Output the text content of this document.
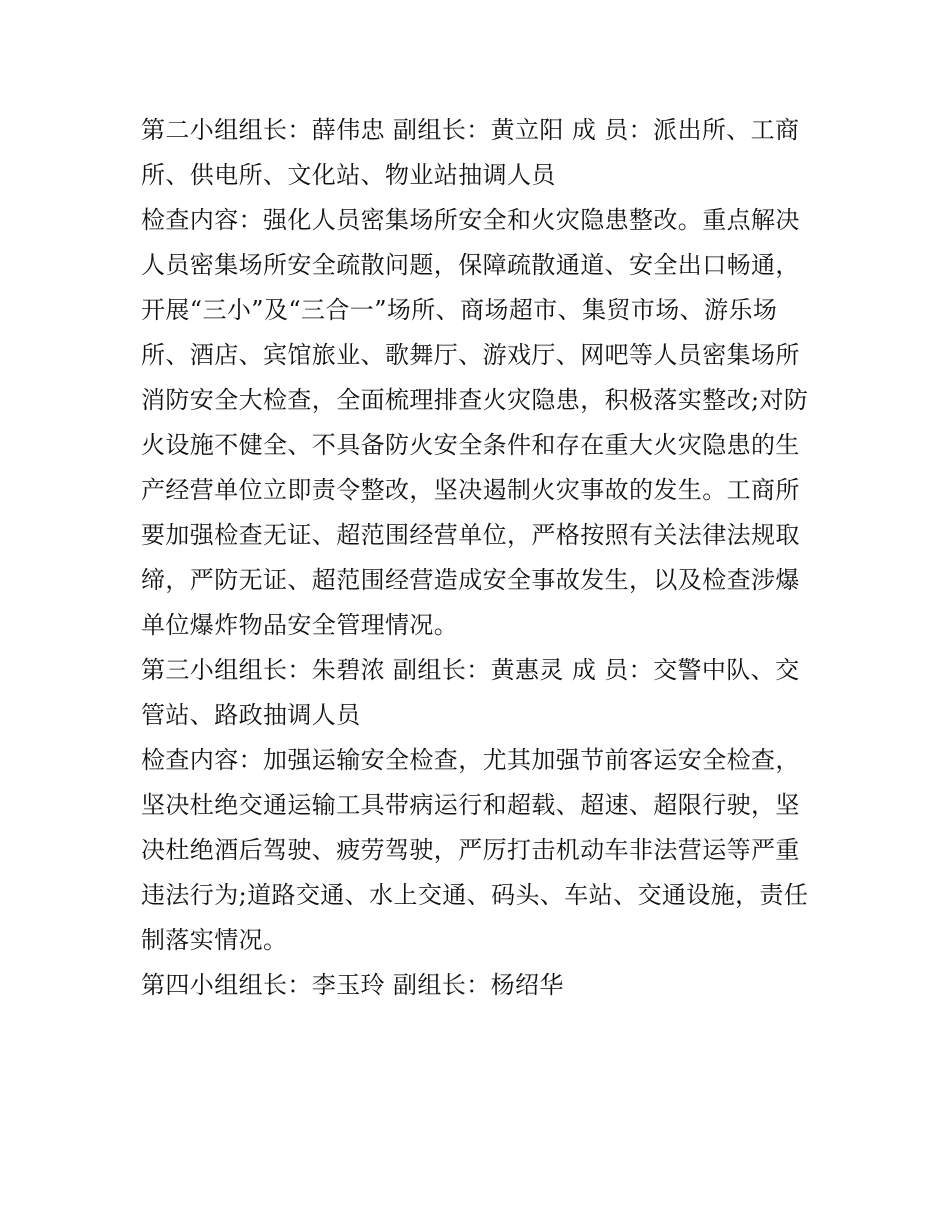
第二小组组长：薛伟忠 副组长：黄立阳 成 员：派出所、工商所、供电所、文化站、物业站抽调人员

检查内容：强化人员密集场所安全和火灾隐患整改。重点解决人员密集场所安全疏散问题，保障疏散通道、安全出口畅通，开展“三小”及“三合一”场所、商场超市、集贸市场、游乐场所、酒店、宾馆旅业、歌舞厅、游戏厅、网吧等人员密集场所消防安全大检查，全面梳理排查火灾隐患，积极落实整改;对防火设施不健全、不具备防火安全条件和存在重大火灾隐患的生产经营单位立即责令整改，坚决遏制火灾事故的发生。工商所要加强检查无证、超范围经营单位，严格按照有关法律法规取缔，严防无证、超范围经营造成安全事故发生，以及检查涉爆单位爆炸物品安全管理情况。

第三小组组长：朱碧浓 副组长：黄惠灵 成 员：交警中队、交管站、路政抽调人员

检查内容：加强运输安全检查，尤其加强节前客运安全检查，坚决杜绝交通运输工具带病运行和超载、超速、超限行驶，坚决杜绝酒后驾驶、疲劳驾驶，严厉打击机动车非法营运等严重违法行为;道路交通、水上交通、码头、车站、交通设施，责任制落实情况。

第四小组组长：李玉玲 副组长：杨绍华
